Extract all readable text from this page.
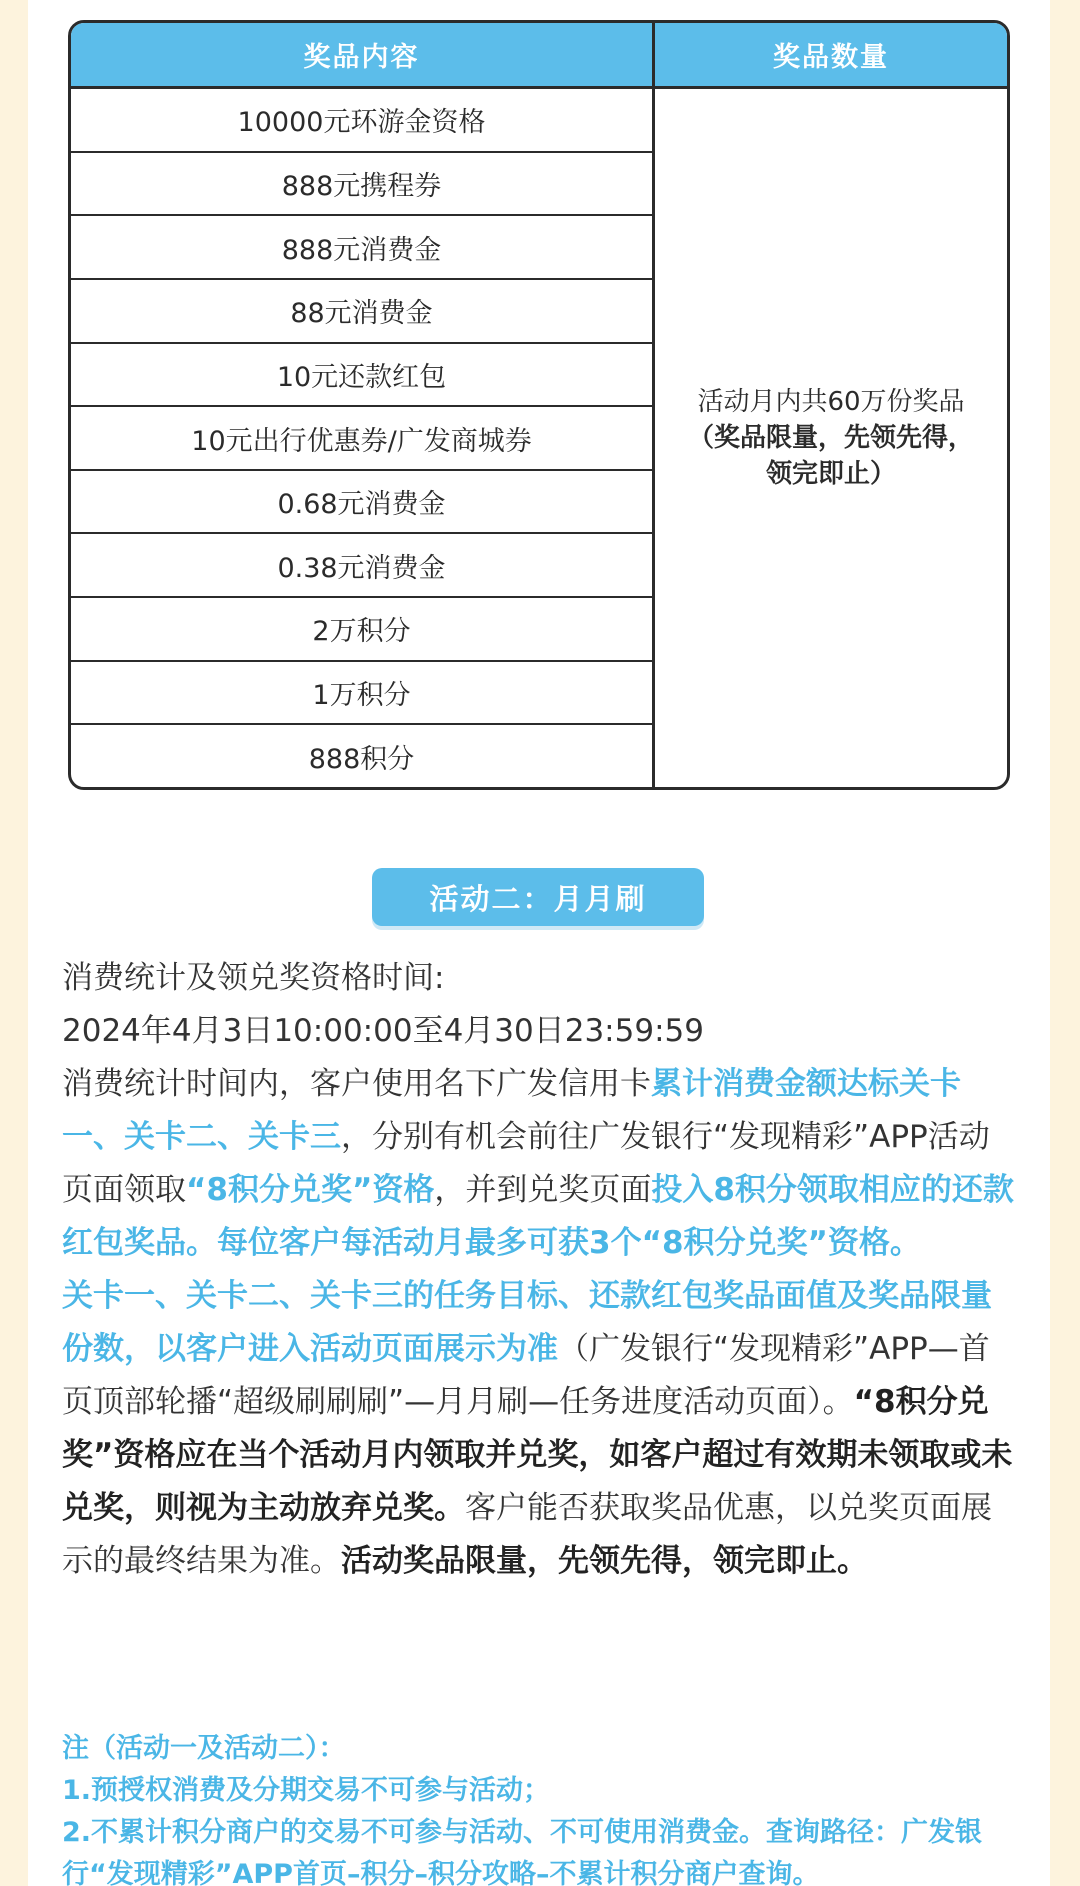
奖品内容	奖品数量
10000元环游金资格
888元携程券
888元消费金
88元消费金
10元还款红包
10元出行优惠券/广发商城券
0.68元消费金
0.38元消费金
2万积分
1万积分
888积分
活动月内共60万份奖品
（奖品限量，先领先得，
领完即止）
活动二：月月刷

消费统计及领兑奖资格时间:

2024年4月3日10:00:00至4月30日23:59:59

消费统计时间内，客户使用名下广发信用卡累计消费金额达标关卡一、关卡二、关卡三，分别有机会前往广发银行“发现精彩”APP活动页面领取“8积分兑奖”资格，并到兑奖页面投入8积分领取相应的还款红包奖品。每位客户每活动月最多可获3个“8积分兑奖”资格。

关卡一、关卡二、关卡三的任务目标、还款红包奖品面值及奖品限量份数，以客户进入活动页面展示为准（广发银行“发现精彩”APP—首页顶部轮播“超级刷刷刷”—月月刷—任务进度活动页面）。“8积分兑奖”资格应在当个活动月内领取并兑奖，如客户超过有效期未领取或未兑奖，则视为主动放弃兑奖。客户能否获取奖品优惠，以兑奖页面展示的最终结果为准。活动奖品限量，先领先得，领完即止。

注（活动一及活动二）：

1.预授权消费及分期交易不可参与活动；

2.不累计积分商户的交易不可参与活动、不可使用消费金。查询路径：广发银行“发现精彩”APP首页–积分–积分攻略–不累计积分商户查询。
